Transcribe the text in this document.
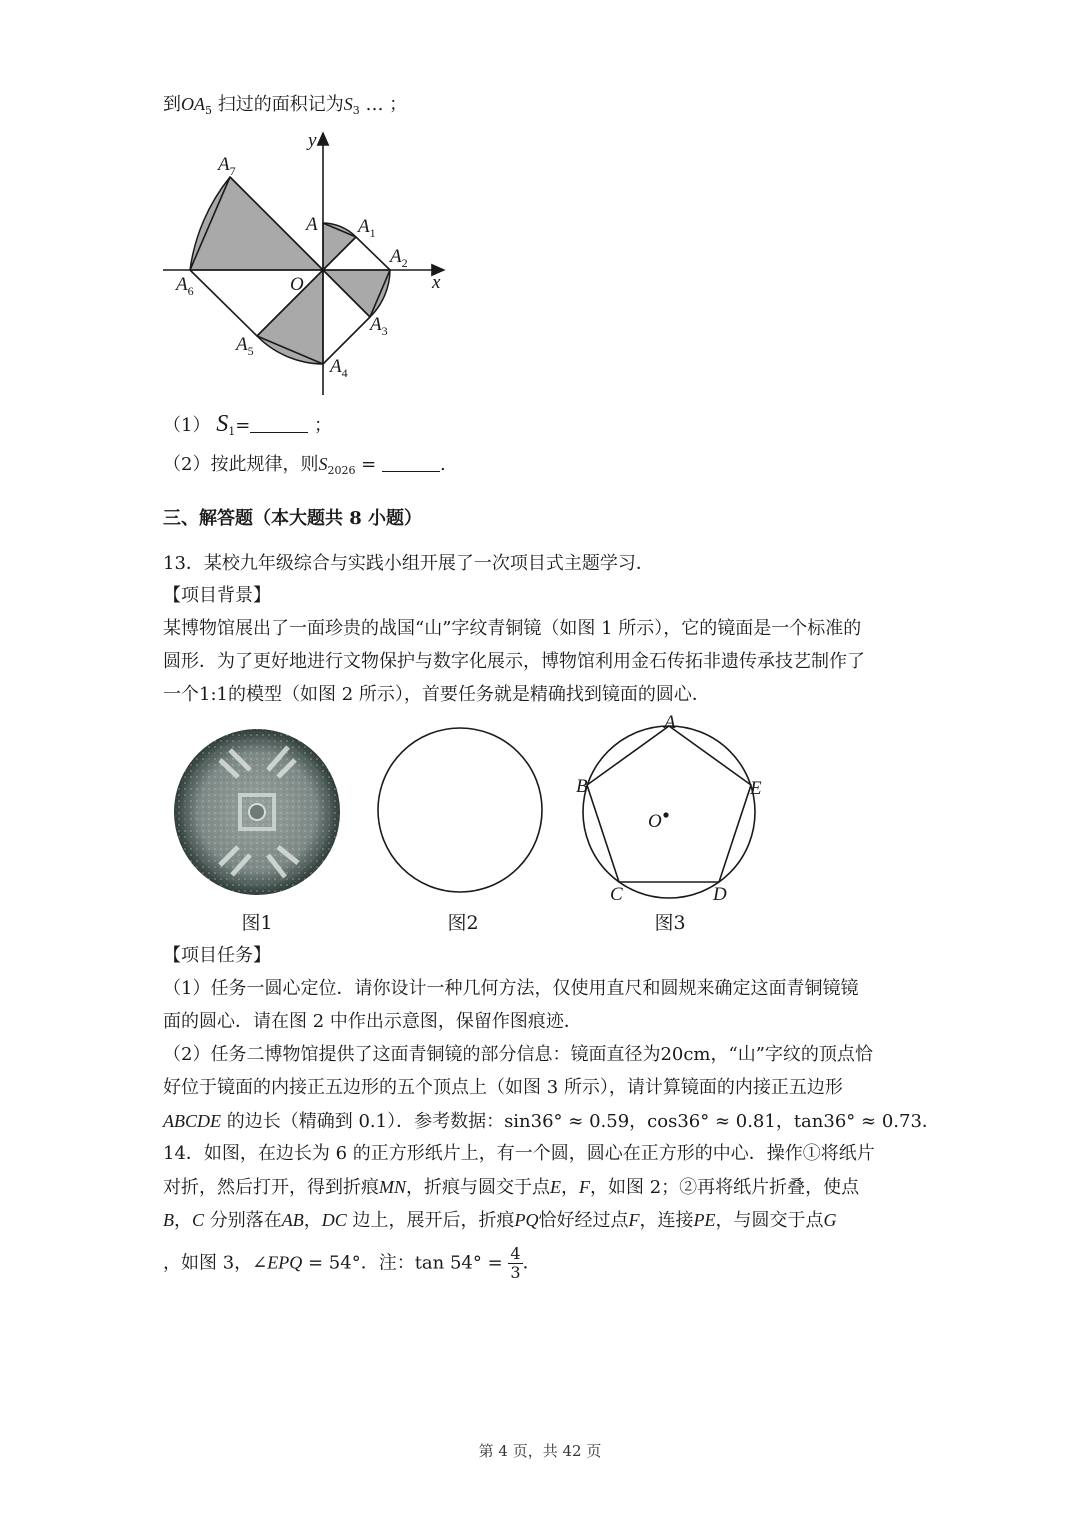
到$OA_5$ 扫过的面积记为$S_3$ … ；
y
x
O
A $A_1$
$A_2$
$A_3$
$A_4$
$A_5$
$A_6$
$A_7$
（1） $S_1=$	；
（2）按此规律，则$S_{2026}$ =	.
三、解答题（本大题共 8 小题）
13．某校九年级综合与实践小组开展了一次项目式主题学习．
【项目背景】
某博物馆展出了一面珍贵的战国“山”字纹青铜镜（如图 1 所示），它的镜面是一个标准的
圆形．为了更好地进行文物保护与数字化展示，博物馆利用金石传拓非遗传承技艺制作了
一个1:1的模型（如图 2 所示），首要任务就是精确找到镜面的圆心．
图1	图2
A
B
C	D
E
O
图3
【项目任务】
（1）任务一圆心定位．请你设计一种几何方法，仅使用直尺和圆规来确定这面青铜镜镜
面的圆心．请在图 2 中作出示意图，保留作图痕迹．
（2）任务二博物馆提供了这面青铜镜的部分信息：镜面直径为20cm，“山”字纹的顶点恰
好位于镜面的内接正五边形的五个顶点上（如图 3 所示），请计算镜面的内接正五边形
ABCDE 的边长（精确到 0.1）．参考数据：sin36° ≈ 0.59，cos36° ≈ 0.81，tan36° ≈ 0.73．
14．如图，在边长为 6 的正方形纸片上，有一个圆，圆心在正方形的中心．操作①将纸片
对折，然后打开，得到折痕MN，折痕与圆交于点E，F，如图 2；②再将纸片折叠，使点
B，C 分别落在AB，DC 边上，展开后，折痕PQ恰好经过点F，连接PE，与圆交于点G
，如图 3，∠EPQ = 54°．注：$\tan 54^\circ = \frac{4}{3}$ ．
第 4 页，共 42 页
